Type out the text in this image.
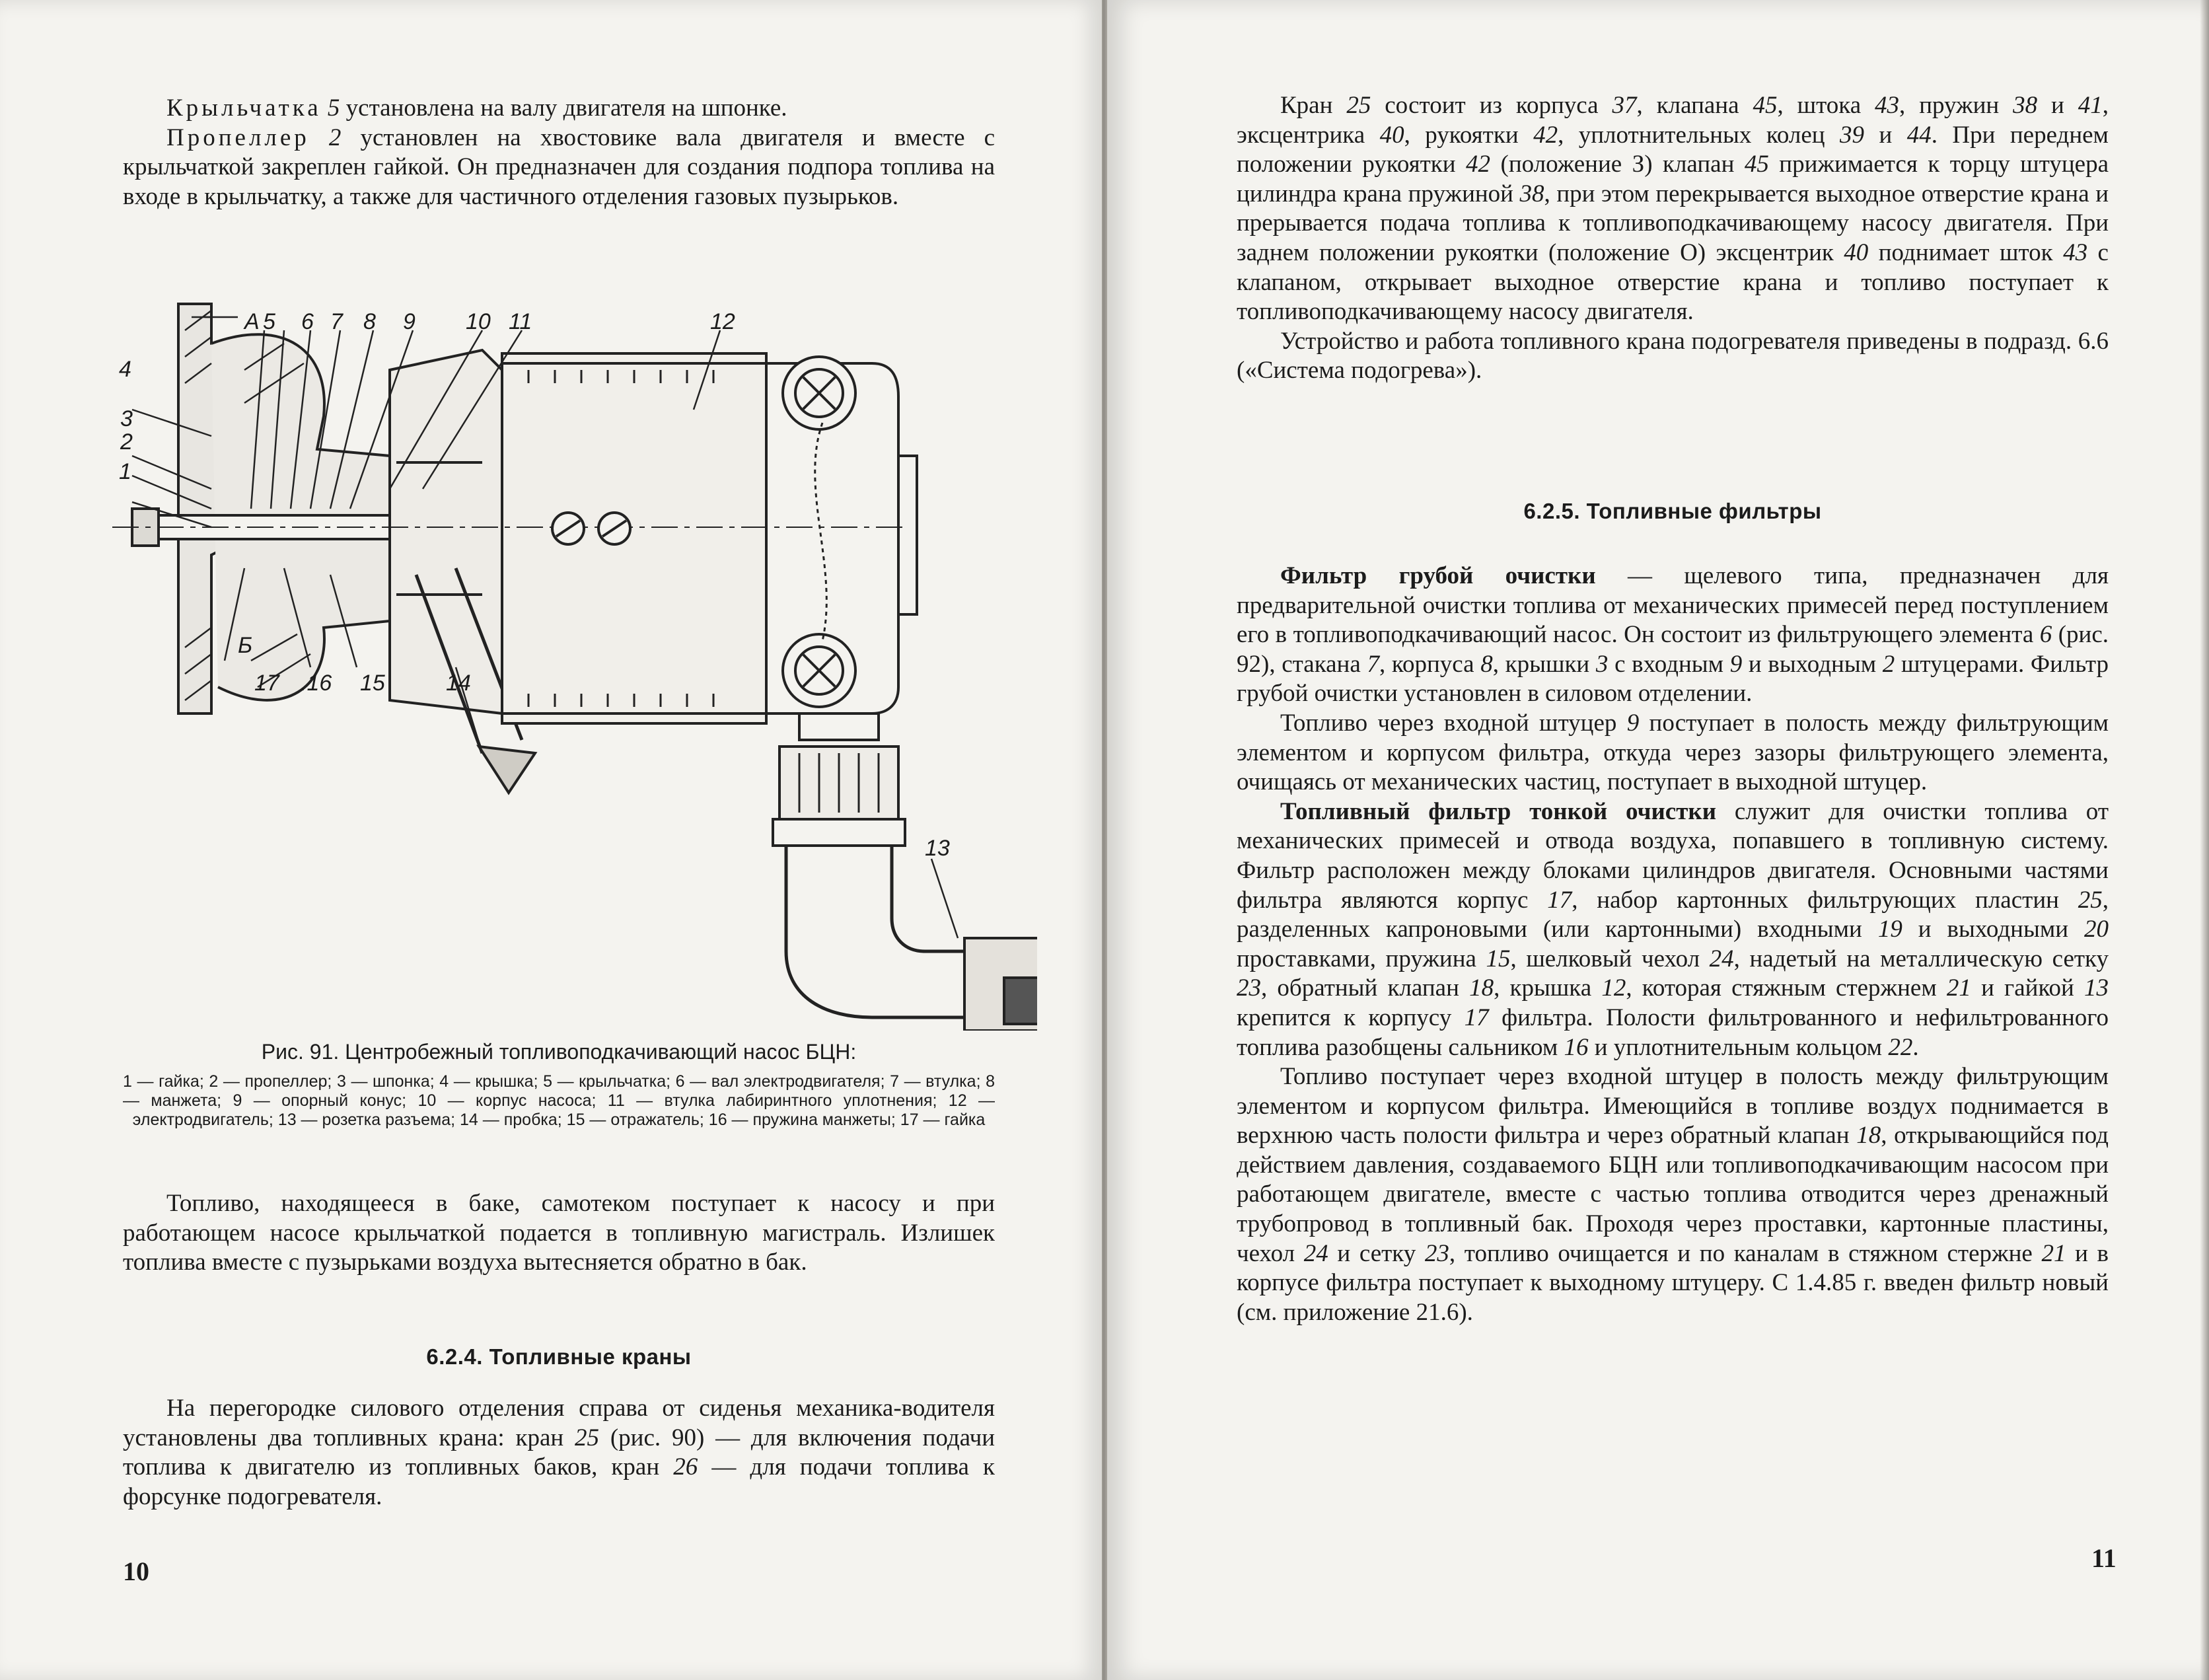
Крыльчатка 5 установлена на валу двигателя на шпонке.

Пропеллер 2 установлен на хвостовике вала двигателя и вместе с крыльчаткой закреплен гайкой. Он предназначен для создания подпора топлива на входе в крыльчатку, а также для частичного отделения газовых пузырьков.

4
3
2
1
А 5 6 7 8 9 10 11	12
13
14
15
.16
17
Б

Рис. 91. Центробежный топливоподкачивающий насос БЦН:

1 — гайка; 2 — пропеллер; 3 — шпонка; 4 — крышка; 5 — крыльчатка; 6 — вал электродвигателя; 7 — втулка; 8 — манжета; 9 — опорный конус; 10 — корпус насоса; 11 — втулка лабиринтного уплотнения; 12 — электродвигатель; 13 — розетка разъема; 14 — пробка; 15 — отражатель; 16 — пружина манжеты; 17 — гайка

Топливо, находящееся в баке, самотеком поступает к насосу и при работающем насосе крыльчаткой подается в топливную магистраль. Излишек топлива вместе с пузырьками воздуха вытесняется обратно в бак.

6.2.4. Топливные краны

На перегородке силового отделения справа от сиденья механика-водителя установлены два топливных крана: кран 25 (рис. 90) — для включения подачи топлива к двигателю из топливных баков, кран 26 — для подачи топлива к форсунке подогревателя.

10

Кран 25 состоит из корпуса 37, клапана 45, штока 43, пружин 38 и 41, эксцентрика 40, рукоятки 42, уплотнительных колец 39 и 44. При переднем положении рукоятки 42 (положение З) клапан 45 прижимается к торцу штуцера цилиндра крана пружиной 38, при этом перекрывается выходное отверстие крана и прерывается подача топлива к топливоподкачивающему насосу двигателя. При заднем положении рукоятки (положение О) эксцентрик 40 поднимает шток 43 с клапаном, открывает выходное отверстие крана и топливо поступает к топливоподкачивающему насосу двигателя.

Устройство и работа топливного крана подогревателя приведены в подразд. 6.6 («Система подогрева»).

6.2.5. Топливные фильтры

Фильтр грубой очистки — щелевого типа, предназначен для предварительной очистки топлива от механических примесей перед поступлением его в топливоподкачивающий насос. Он состоит из фильтрующего элемента 6 (рис. 92), стакана 7, корпуса 8, крышки 3 с входным 9 и выходным 2 штуцерами. Фильтр грубой очистки установлен в силовом отделении.

Топливо через входной штуцер 9 поступает в полость между фильтрующим элементом и корпусом фильтра, откуда через зазоры фильтрующего элемента, очищаясь от механических частиц, поступает в выходной штуцер.

Топливный фильтр тонкой очистки служит для очистки топлива от механических примесей и отвода воздуха, попавшего в топливную систему. Фильтр расположен между блоками цилиндров двигателя. Основными частями фильтра являются корпус 17, набор картонных фильтрующих пластин 25, разделенных капроновыми (или картонными) входными 19 и выходными 20 проставками, пружина 15, шелковый чехол 24, надетый на металлическую сетку 23, обратный клапан 18, крышка 12, которая стяжным стержнем 21 и гайкой 13 крепится к корпусу 17 фильтра. Полости фильтрованного и нефильтрованного топлива разобщены сальником 16 и уплотнительным кольцом 22.

Топливо поступает через входной штуцер в полость между фильтрующим элементом и корпусом фильтра. Имеющийся в топливе воздух поднимается в верхнюю часть полости фильтра и через обратный клапан 18, открывающийся под действием давления, создаваемого БЦН или топливоподкачивающим насосом при работающем двигателе, вместе с частью топлива отводится через дренажный трубопровод в топливный бак. Проходя через проставки, картонные пластины, чехол 24 и сетку 23, топливо очищается и по каналам в стяжном стержне 21 и в корпусе фильтра поступает к выходному штуцеру. С 1.4.85 г. введен фильтр новый (см. приложение 21.6).

11
